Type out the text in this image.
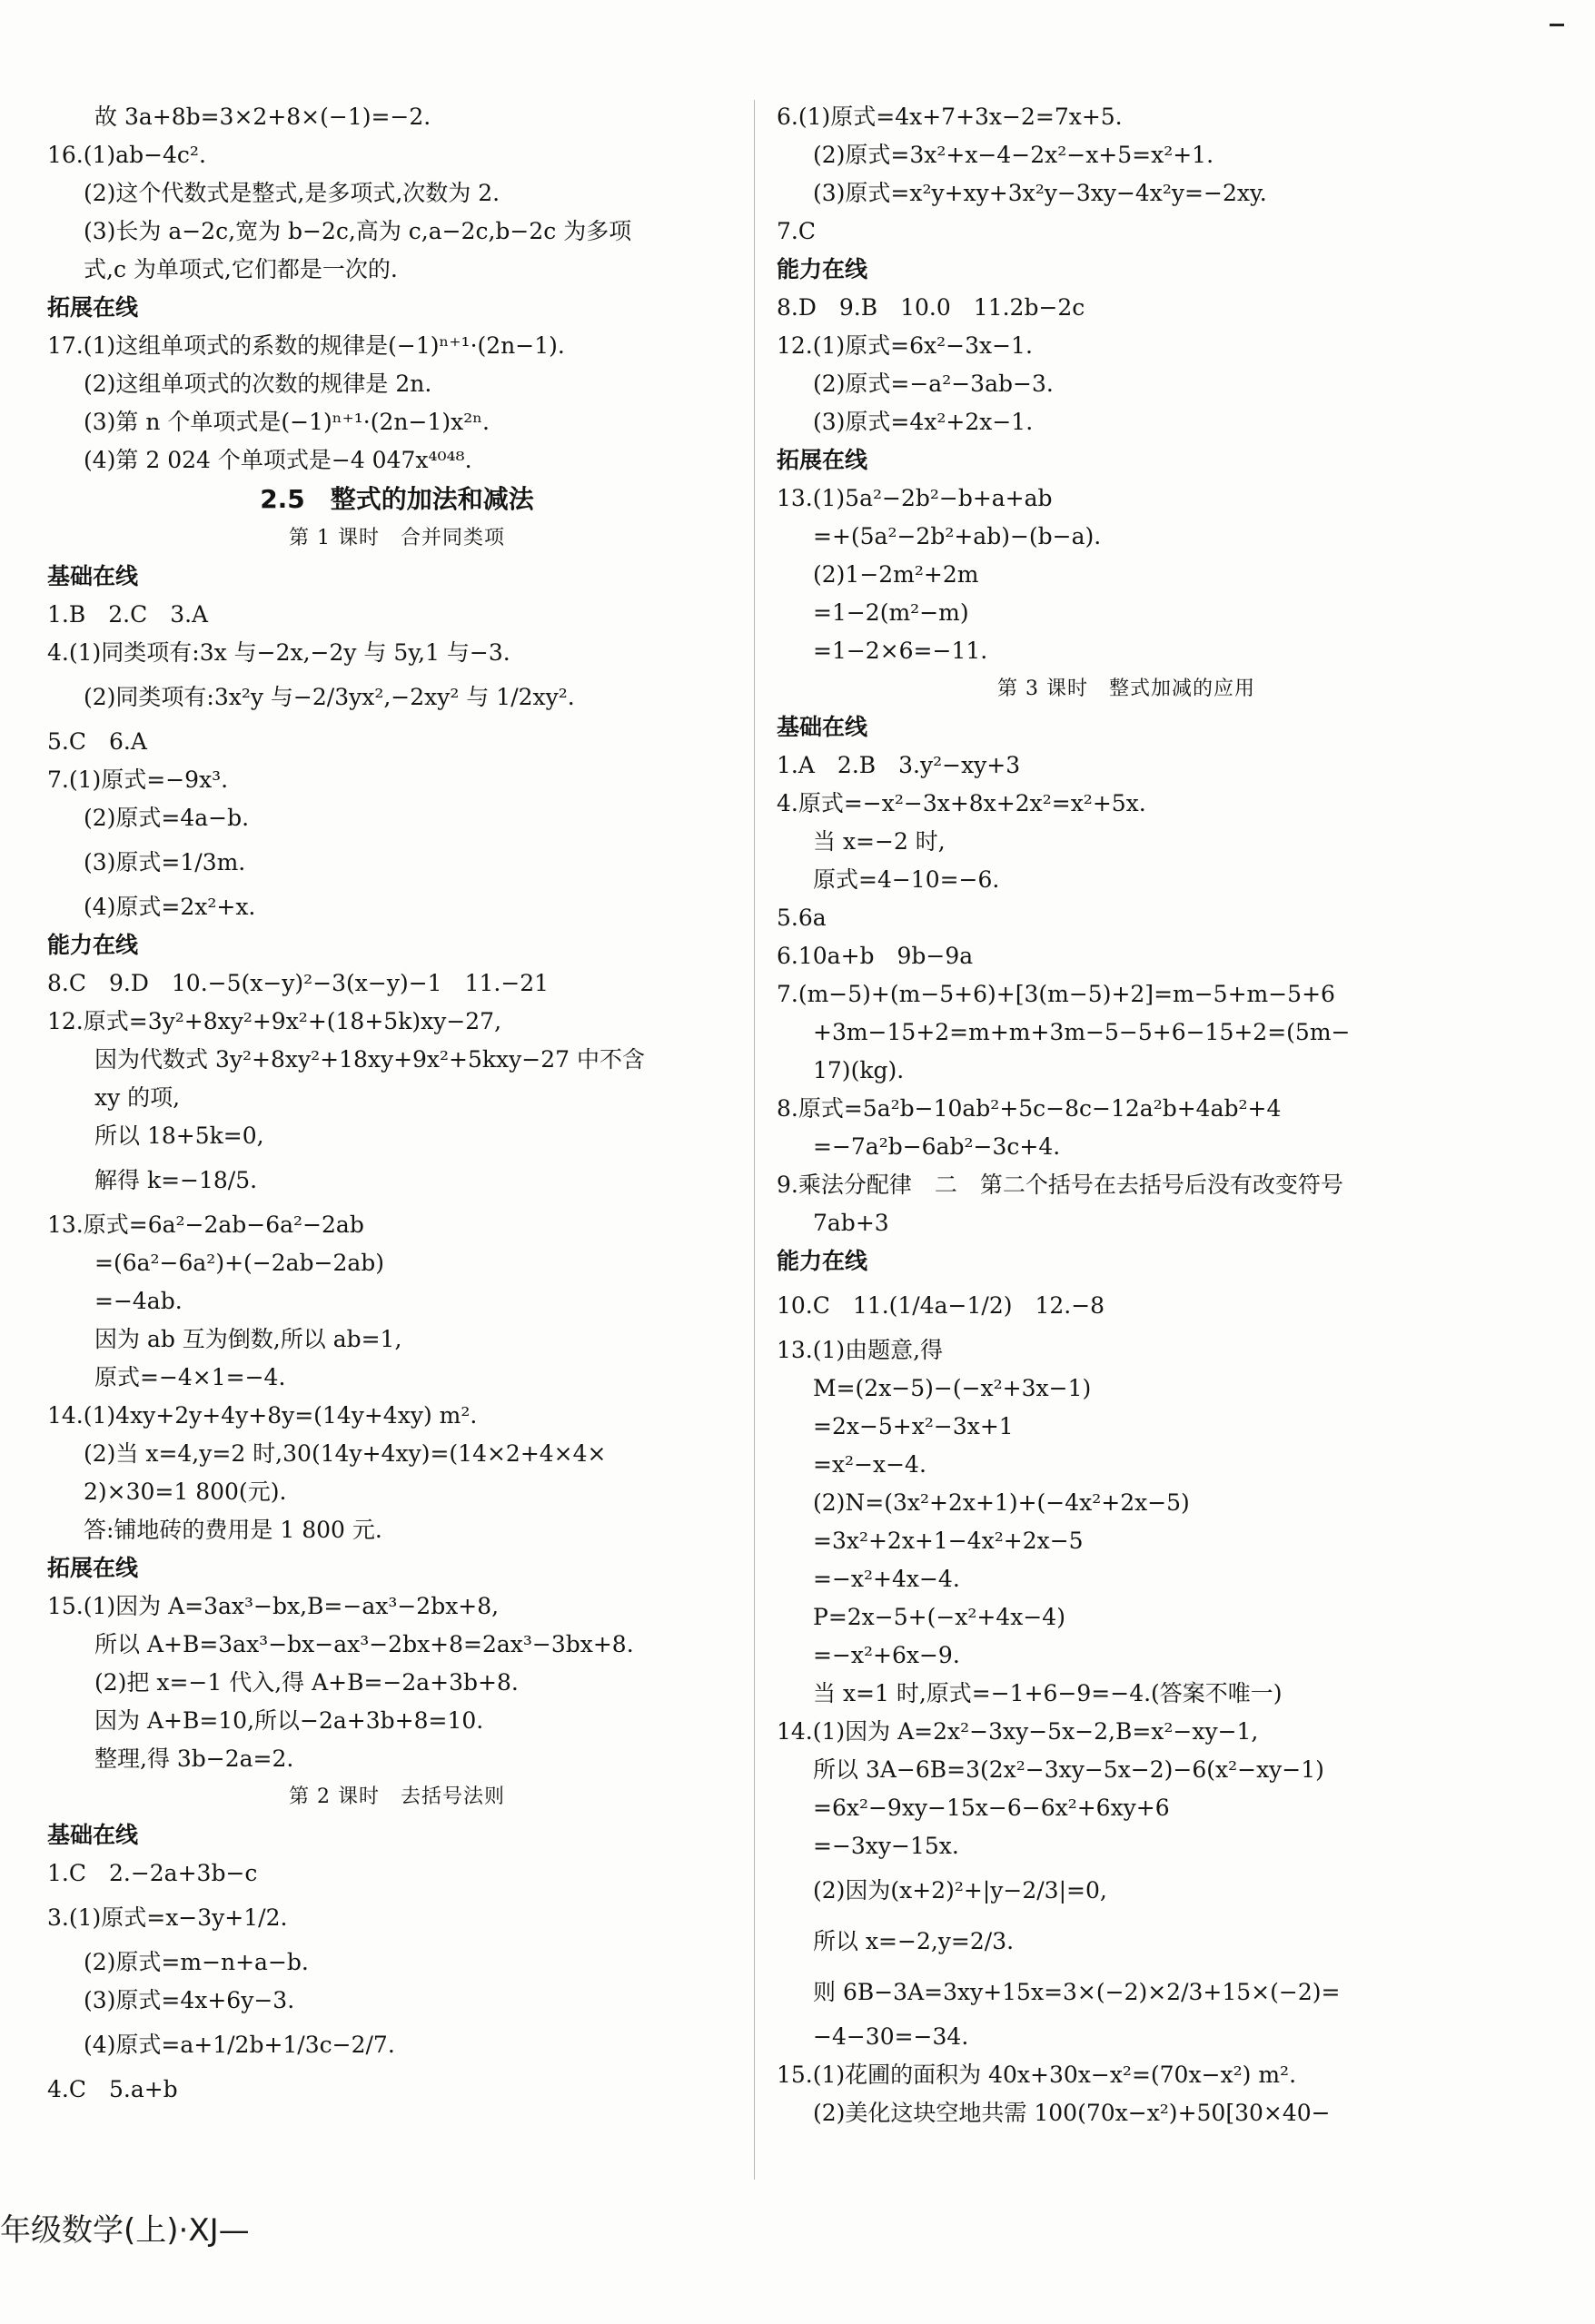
故 3a+8b=3×2+8×(−1)=−2.
16.(1)ab−4c².
(2)这个代数式是整式,是多项式,次数为 2.
(3)长为 a−2c,宽为 b−2c,高为 c,a−2c,b−2c 为多项
式,c 为单项式,它们都是一次的.
拓展在线
17.(1)这组单项式的系数的规律是(−1)ⁿ⁺¹·(2n−1).
(2)这组单项式的次数的规律是 2n.
(3)第 n 个单项式是(−1)ⁿ⁺¹·(2n−1)x²ⁿ.
(4)第 2 024 个单项式是−4 047x⁴⁰⁴⁸.
2.5　整式的加法和减法
第 1 课时　合并同类项
基础在线
1.B　2.C　3.A
4.(1)同类项有:3x 与−2x,−2y 与 5y,1 与−3.
(2)同类项有:3x²y 与−2/3yx²,−2xy² 与 1/2xy².
5.C　6.A
7.(1)原式=−9x³.
(2)原式=4a−b.
(3)原式=1/3m.
(4)原式=2x²+x.
能力在线
8.C　9.D　10.−5(x−y)²−3(x−y)−1　11.−21
12.原式=3y²+8xy²+9x²+(18+5k)xy−27,
因为代数式 3y²+8xy²+18xy+9x²+5kxy−27 中不含
xy 的项,
所以 18+5k=0,
解得 k=−18/5.
13.原式=6a²−2ab−6a²−2ab
=(6a²−6a²)+(−2ab−2ab)
=−4ab.
因为 ab 互为倒数,所以 ab=1,
原式=−4×1=−4.
14.(1)4xy+2y+4y+8y=(14y+4xy) m².
(2)当 x=4,y=2 时,30(14y+4xy)=(14×2+4×4×
2)×30=1 800(元).
答:铺地砖的费用是 1 800 元.
拓展在线
15.(1)因为 A=3ax³−bx,B=−ax³−2bx+8,
所以 A+B=3ax³−bx−ax³−2bx+8=2ax³−3bx+8.
(2)把 x=−1 代入,得 A+B=−2a+3b+8.
因为 A+B=10,所以−2a+3b+8=10.
整理,得 3b−2a=2.
第 2 课时　去括号法则
基础在线
1.C　2.−2a+3b−c
3.(1)原式=x−3y+1/2.
(2)原式=m−n+a−b.
(3)原式=4x+6y−3.
(4)原式=a+1/2b+1/3c−2/7.
4.C　5.a+b
6.(1)原式=4x+7+3x−2=7x+5.
(2)原式=3x²+x−4−2x²−x+5=x²+1.
(3)原式=x²y+xy+3x²y−3xy−4x²y=−2xy.
7.C
能力在线
8.D　9.B　10.0　11.2b−2c
12.(1)原式=6x²−3x−1.
(2)原式=−a²−3ab−3.
(3)原式=4x²+2x−1.
拓展在线
13.(1)5a²−2b²−b+a+ab
=+(5a²−2b²+ab)−(b−a).
(2)1−2m²+2m
=1−2(m²−m)
=1−2×6=−11.
第 3 课时　整式加减的应用
基础在线
1.A　2.B　3.y²−xy+3
4.原式=−x²−3x+8x+2x²=x²+5x.
当 x=−2 时,
原式=4−10=−6.
5.6a
6.10a+b　9b−9a
7.(m−5)+(m−5+6)+[3(m−5)+2]=m−5+m−5+6
+3m−15+2=m+m+3m−5−5+6−15+2=(5m−
17)(kg).
8.原式=5a²b−10ab²+5c−8c−12a²b+4ab²+4
=−7a²b−6ab²−3c+4.
9.乘法分配律　二　第二个括号在去括号后没有改变符号
7ab+3
能力在线
10.C　11.(1/4a−1/2)　12.−8
13.(1)由题意,得
M=(2x−5)−(−x²+3x−1)
=2x−5+x²−3x+1
=x²−x−4.
(2)N=(3x²+2x+1)+(−4x²+2x−5)
=3x²+2x+1−4x²+2x−5
=−x²+4x−4.
P=2x−5+(−x²+4x−4)
=−x²+6x−9.
当 x=1 时,原式=−1+6−9=−4.(答案不唯一)
14.(1)因为 A=2x²−3xy−5x−2,B=x²−xy−1,
所以 3A−6B=3(2x²−3xy−5x−2)−6(x²−xy−1)
=6x²−9xy−15x−6−6x²+6xy+6
=−3xy−15x.
(2)因为(x+2)²+|y−2/3|=0,
所以 x=−2,y=2/3.
则 6B−3A=3xy+15x=3×(−2)×2/3+15×(−2)=
−4−30=−34.
15.(1)花圃的面积为 40x+30x−x²=(70x−x²) m².
(2)美化这块空地共需 100(70x−x²)+50[30×40−
年级数学(上)·XJ—
